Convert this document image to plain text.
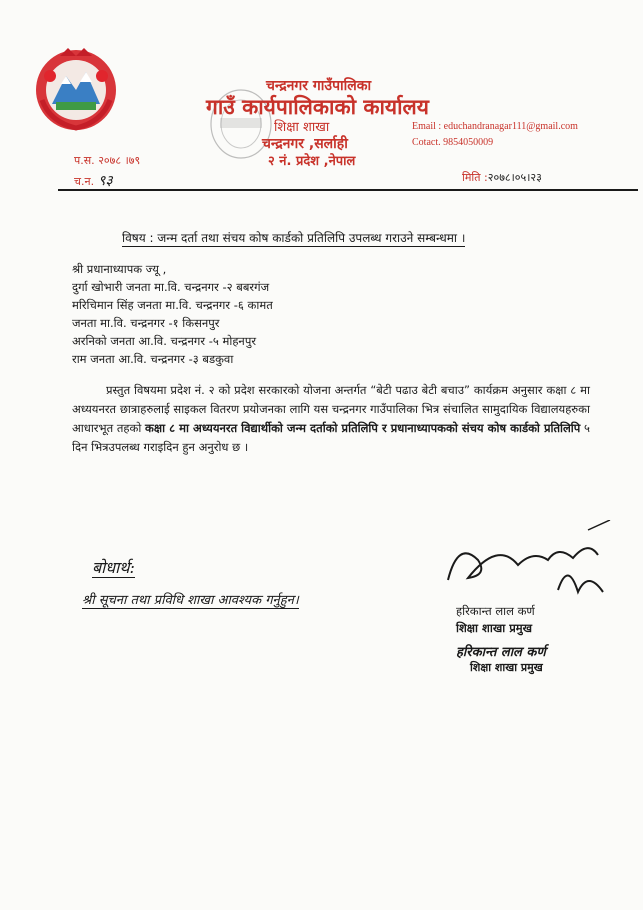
चन्द्रनगर गाउँपालिका
गाउँ कार्यपालिकाको कार्यालय
शिक्षा शाखा
चन्द्रनगर ,सर्लाही
२ नं. प्रदेश ,नेपाल
Email : educhandranagar111@gmail.com
Cotact. 9854050009
प.स. २०७८ ।७९
च.न. ९३	मिति :२०७८।०५।२३
विषय : जन्म दर्ता तथा संचय कोष कार्डको प्रतिलिपि उपलब्ध गराउने सम्बन्धमा ।
श्री प्रधानाध्यापक ज्यू ,
दुर्गा खोभारी जनता मा.वि. चन्द्रनगर -२ बबरगंज
मरिचिमान सिंह जनता मा.वि. चन्द्रनगर -६ कामत
जनता मा.वि. चन्द्रनगर -१ किसनपुर
अरनिको जनता आ.वि. चन्द्रनगर -५ मोहनपुर
राम जनता आ.वि. चन्द्रनगर -३ बडकुवा
प्रस्तुत विषयमा प्रदेश नं. २ को प्रदेश सरकारको योजना अन्तर्गत “बेटी पढाउ बेटी बचाउ” कार्यक्रम अनुसार कक्षा ८ मा अध्ययनरत छात्राहरुलाई साइकल वितरण प्रयोजनका लागि यस चन्द्रनगर गाउँपालिका भित्र संचालित सामुदायिक विद्यालयहरुका आधारभूत तहको कक्षा ८ मा अध्ययनरत विद्यार्थीको जन्म दर्ताको प्रतिलिपि र प्रधानाध्यापकको संचय कोष कार्डको प्रतिलिपि ५ दिन भित्रउपलब्ध गराइदिन हुन अनुरोध छ ।
बोधार्थ:
श्री सूचना तथा प्रविधि शाखा आवश्यक गर्नुहुन।
हरिकान्त लाल कर्ण
शिक्षा शाखा प्रमुख
हरिकान्त लाल कर्ण
शिक्षा शाखा प्रमुख
